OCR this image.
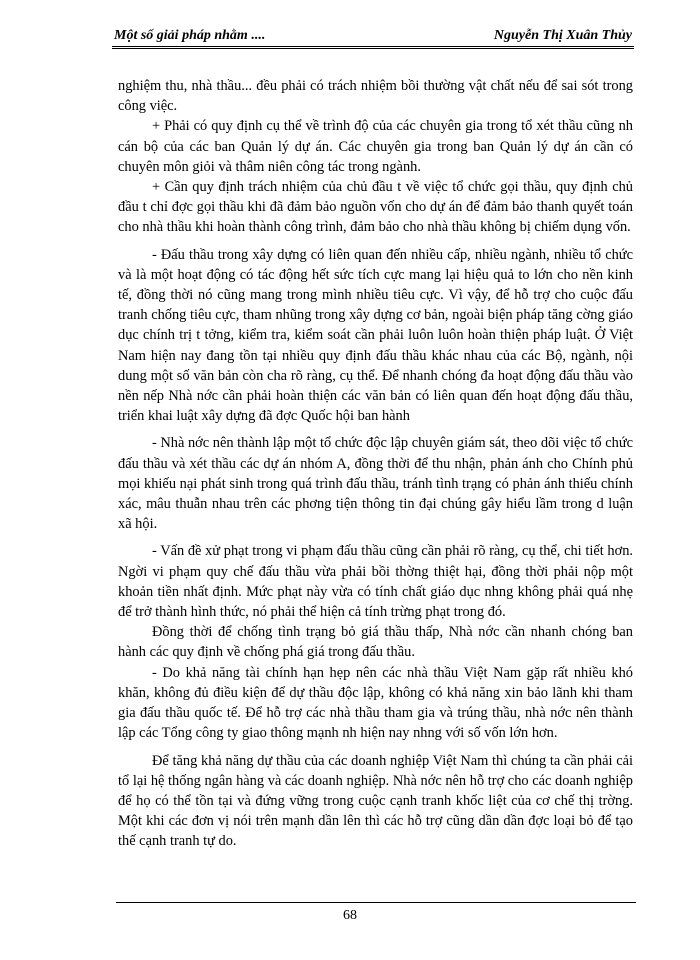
Một số giải pháp nhằm ....	Nguyễn Thị Xuân Thủy

nghiệm thu, nhà thầu... đều phải có trách nhiệm bồi thường vật chất nếu để sai sót trong công việc.

+ Phải có quy định cụ thể về trình độ của các chuyên gia trong tổ xét thầu cũng nh cán bộ của các ban Quản lý dự án. Các chuyên gia trong ban Quản lý dự án cần có chuyên môn giỏi và thâm niên công tác trong ngành.

+ Cần quy định trách nhiệm của chủ đầu t về việc tổ chức gọi thầu, quy định chủ đầu t chỉ đợc gọi thầu khi đã đảm bảo nguồn vốn cho dự án để đảm bảo thanh quyết toán cho nhà thầu khi hoàn thành công trình, đảm bảo cho nhà thầu không bị chiếm dụng vốn.

- Đấu thầu trong xây dựng có liên quan đến nhiều cấp, nhiều ngành, nhiều tổ chức và là một hoạt động có tác động hết sức tích cực mang lại hiệu quả to lớn cho nền kinh tế, đồng thời nó cũng mang trong mình nhiều tiêu cực. Vì vậy, để hỗ trợ cho cuộc đấu tranh chống tiêu cực, tham nhũng trong xây dựng cơ bản, ngoài biện pháp tăng cờng giáo dục chính trị t tởng, kiểm tra, kiểm soát cần phải luôn luôn hoàn thiện pháp luật. Ở Việt Nam hiện nay đang tồn tại nhiều quy định đấu thầu khác nhau của các Bộ, ngành, nội dung một số văn bản còn cha rõ ràng, cụ thể. Để nhanh chóng đa hoạt động đấu thầu vào nền nếp Nhà nớc cần phải hoàn thiện các văn bản có liên quan đến hoạt động đấu thầu, triển khai luật xây dựng đã đợc Quốc hội ban hành

- Nhà nớc nên thành lập một tổ chức độc lập chuyên giám sát, theo dõi việc tổ chức đấu thầu và xét thầu các dự án nhóm A, đồng thời để thu nhận, phản ánh cho Chính phủ mọi khiếu nại phát sinh trong quá trình đấu thầu, tránh tình trạng có phản ánh thiếu chính xác, mâu thuẫn nhau trên các phơng tiện thông tin đại chúng gây hiểu lầm trong d luận xã hội.

- Vấn đề xử phạt trong vi phạm đấu thầu cũng cần phải rõ ràng, cụ thể, chi tiết hơn. Ngời vi phạm quy chế đấu thầu vừa phải bồi thờng thiệt hại, đồng thời phải nộp một khoản tiền nhất định. Mức phạt này vừa có tính chất giáo dục nhng không phải quá nhẹ để trở thành hình thức, nó phải thể hiện cả tính trừng phạt trong đó.

Đồng thời để chống tình trạng bỏ giá thầu thấp, Nhà nớc cần nhanh chóng ban hành các quy định về chống phá giá trong đấu thầu.

- Do khả năng tài chính hạn hẹp nên các nhà thầu Việt Nam gặp rất nhiều khó khăn, không đủ điều kiện để dự thầu độc lập, không có khả năng xin bảo lãnh khi tham gia đấu thầu quốc tế. Để hỗ trợ các nhà thầu tham gia và trúng thầu, nhà nớc nên thành lập các Tổng công ty giao thông mạnh nh hiện nay nhng với số vốn lớn hơn.

Để tăng khả năng dự thầu của các doanh nghiệp Việt Nam thì chúng ta cần phải cải tổ lại hệ thống ngân hàng và các doanh nghiệp. Nhà nớc nên hỗ trợ cho các doanh nghiệp để họ có thể tồn tại và đứng vững trong cuộc cạnh tranh khốc liệt của cơ chế thị trờng. Một khi các đơn vị nói trên mạnh dần lên thì các hỗ trợ cũng dần dần đợc loại bỏ để tạo thế cạnh tranh tự do.

68
